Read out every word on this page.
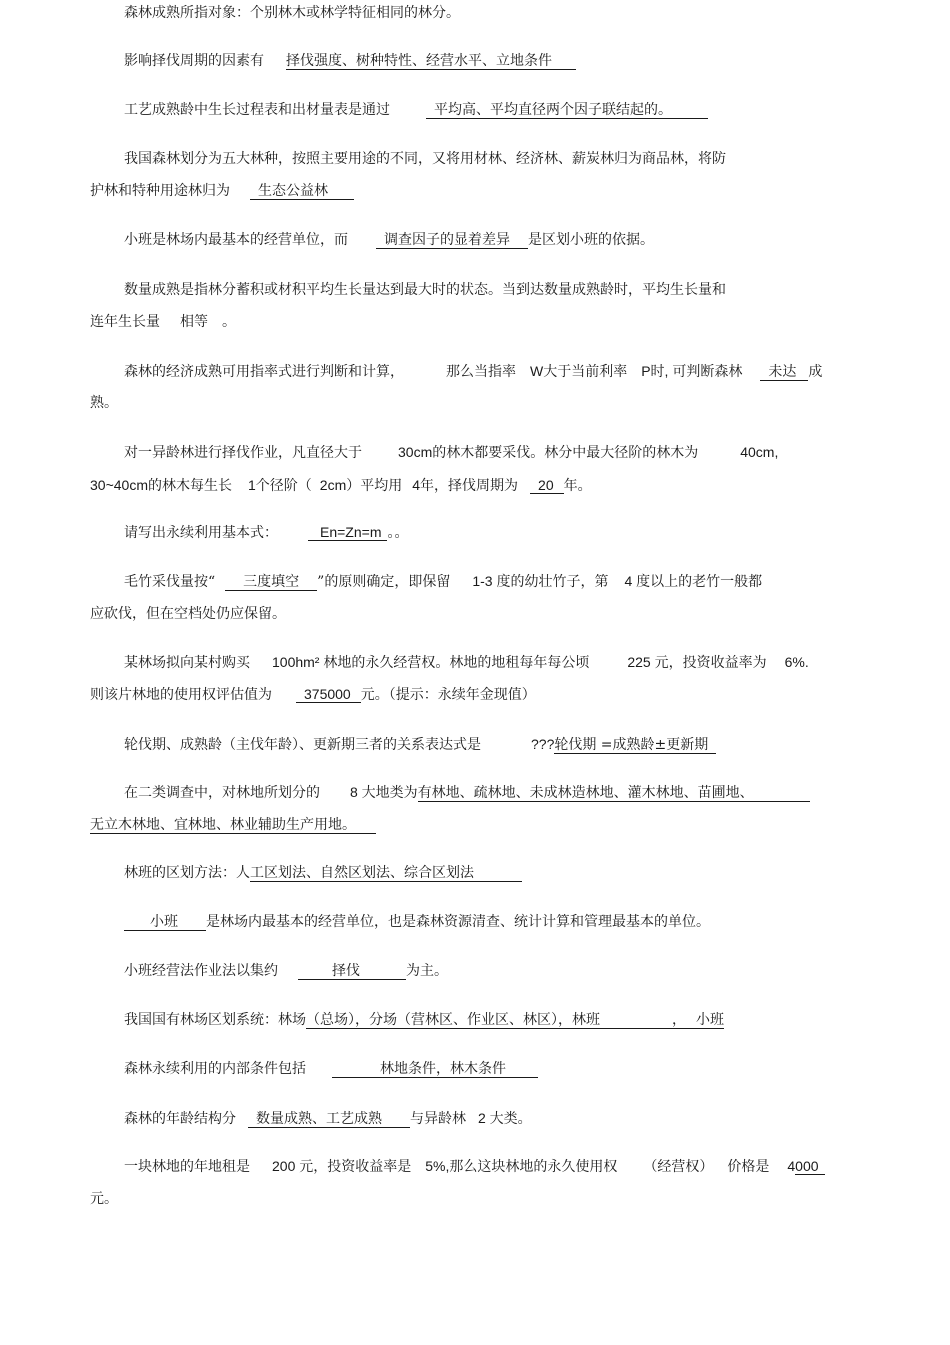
森林成熟所指对象：个别林木或林学特征相同的林分。
影响择伐周期的因素有 择伐强度、树种特性、经营水平、立地条件
工艺成熟龄中生长过程表和出材量表是通过	平均高、平均直径两个因子联结起的。
我国森林划分为五大林种，按照主要用途的不同，又将用材林、经济林、薪炭林归为商品林，将防
护林和特种用途林归为 生态公益林
小班是林场内最基本的经营单位，而	调查因子的显着差异 是区划小班的依据。
数量成熟是指林分蓄积或材积平均生长量达到最大时的状态。当到达数量成熟龄时，平均生长量和
连年生长量 相等 。
森林的经济成熟可用指率式进行判断和计算，	那么当指率 W大于当前利率 P时, 可判断森林 未达 成
熟。
对一异龄林进行择伐作业，凡直径大于	30cm的林木都要采伐。林分中最大径阶的林木为	40cm,
30~40cm的林木每生长 1个径阶（ 2cm）平均用 4年，择伐周期为 20 年。
请写出永续利用基本式：	En=Zn=m 。。
毛竹采伐量按“ 三度填空 ”的原则确定，即保留 1-3 度的幼壮竹子，第 4 度以上的老竹一般都
应砍伐，但在空档处仍应保留。
某林场拟向某村购买 100hm² 林地的永久经营权。林地的地租每年每公顷	225 元，投资收益率为 6%.
则该片林地的使用权评估值为 375000 元。（提示：永续年金现值）
轮伐期、成熟龄（主伐年龄）、更新期三者的关系表达式是	???轮伐期 =成熟龄±更新期
在二类调查中，对林地所划分的 8 大地类为有林地、疏林地、未成林造林地、灌木林地、苗圃地、
无立木林地、宜林地、林业辅助生产用地。
林班的区划方法：人工区划法、自然区划法、综合区划法
小班 是林场内最基本的经营单位，也是森林资源清查、统计计算和管理最基本的单位。
小班经营法作业法以集约	择伐	为主。
我国国有林场区划系统：林场（总场），分场（营林区、作业区、林区），林班	， 小班
森林永续利用的内部条件包括	林地条件，林木条件
森林的年龄结构分 数量成熟、工艺成熟 与异龄林 2 大类。
一块林地的年地租是 200 元，投资收益率是 5%,那么这块林地的永久使用权 （经营权） 价格是 4000
元。
